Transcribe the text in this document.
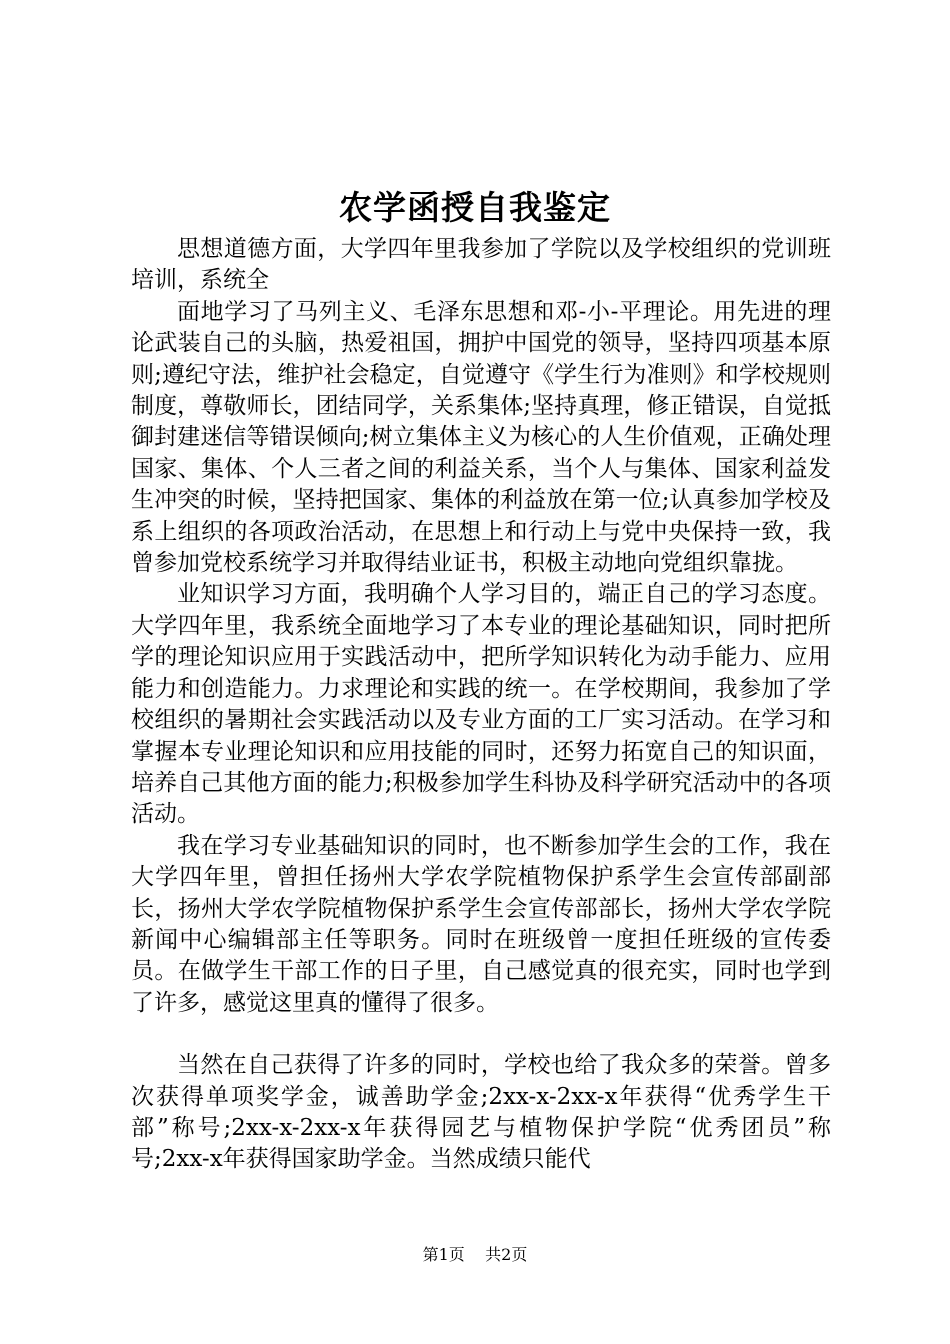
农学函授自我鉴定

思想道德方面，大学四年里我参加了学院以及学校组织的党训班培训，系统全

面地学习了马列主义、毛泽东思想和邓-小-平理论。用先进的理论武装自己的头脑，热爱祖国，拥护中国党的领导，坚持四项基本原则;遵纪守法，维护社会稳定，自觉遵守《学生行为准则》和学校规则制度，尊敬师长，团结同学，关系集体;坚持真理，修正错误，自觉抵御封建迷信等错误倾向;树立集体主义为核心的人生价值观，正确处理国家、集体、个人三者之间的利益关系，当个人与集体、国家利益发生冲突的时候，坚持把国家、集体的利益放在第一位;认真参加学校及系上组织的各项政治活动，在思想上和行动上与党中央保持一致，我曾参加党校系统学习并取得结业证书，积极主动地向党组织靠拢。

业知识学习方面，我明确个人学习目的，端正自己的学习态度。大学四年里，我系统全面地学习了本专业的理论基础知识，同时把所学的理论知识应用于实践活动中，把所学知识转化为动手能力、应用能力和创造能力。力求理论和实践的统一。在学校期间，我参加了学校组织的暑期社会实践活动以及专业方面的工厂实习活动。在学习和掌握本专业理论知识和应用技能的同时，还努力拓宽自己的知识面，培养自己其他方面的能力;积极参加学生科协及科学研究活动中的各项活动。

我在学习专业基础知识的同时，也不断参加学生会的工作，我在大学四年里，曾担任扬州大学农学院植物保护系学生会宣传部副部长，扬州大学农学院植物保护系学生会宣传部部长，扬州大学农学院新闻中心编辑部主任等职务。同时在班级曾一度担任班级的宣传委员。在做学生干部工作的日子里，自己感觉真的很充实，同时也学到了许多，感觉这里真的懂得了很多。

当然在自己获得了许多的同时，学校也给了我众多的荣誉。曾多次获得单项奖学金，诚善助学金;2xx-x-2xx-x年获得“优秀学生干部”称号;2xx-x-2xx-x年获得园艺与植物保护学院“优秀团员”称号;2xx-x年获得国家助学金。当然成绩只能代

第1页 共2页
